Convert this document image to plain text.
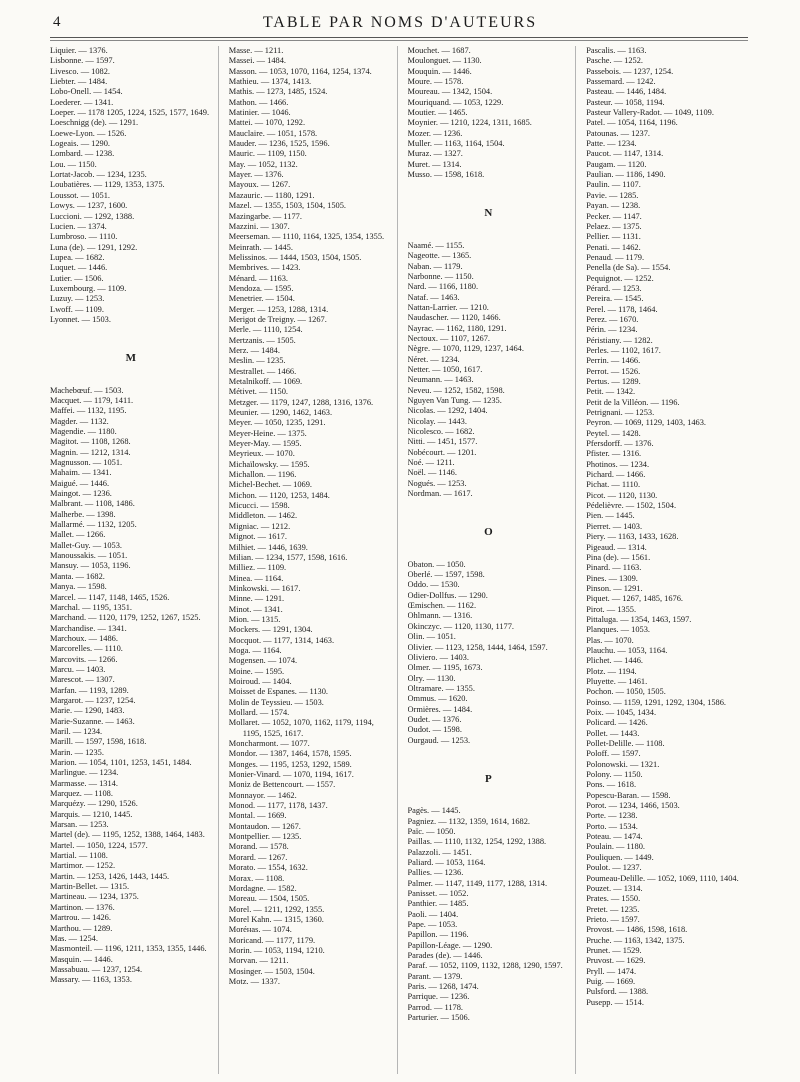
4	TABLE PAR NOMS D'AUTEURS
Liquier. — 1376.
Lisbonne. — 1597.
Livesco. — 1082.
Liebter. — 1484.
Lobo-Onell. — 1454.
Loederer. — 1341.
Loeper. — 1178 1205, 1224, 1525, 1577, 1649.
Loeschnigg (de). — 1291.
Loewe-Lyon. — 1526.
Logeais. — 1290.
Lombard. — 1238.
Lou. — 1150.
Lortat-Jacob. — 1234, 1235.
Loubatières. — 1129, 1353, 1375.
Loussot. — 1051.
Lowys. — 1237, 1600.
Luccioni. — 1292, 1388.
Lucien. — 1374.
Lumbroso. — 1110.
Luna (de). — 1291, 1292.
Lupea. — 1682.
Luquet. — 1446.
Lutier. — 1506.
Luxembourg. — 1109.
Luzuy. — 1253.
Lwoff. — 1109.
Lyonnet. — 1503.
M
Machebœuf. — 1503.
Macquet. — 1179, 1411.
Maffei. — 1132, 1195.
Magder. — 1132.
Magendie. — 1180.
Magitot. — 1108, 1268.
Magnin. — 1212, 1314.
Magnusson. — 1051.
Mahaim. — 1341.
Maigué. — 1446.
Maingot. — 1236.
Malbrant. — 1108, 1486.
Malherbe. — 1398.
Mallarmé. — 1132, 1205.
Mallet. — 1266.
Mallet-Guy. — 1053.
Manoussakis. — 1051.
Mansuy. — 1053, 1196.
Manta. — 1682.
Manya. — 1598.
Marcel. — 1147, 1148, 1465, 1526.
Marchal. — 1195, 1351.
Marchand. — 1120, 1179, 1252, 1267, 1525.
Marchandise. — 1341.
Marchoux. — 1486.
Marcorelles. — 1110.
Marcovits. — 1266.
Marcu. — 1403.
Marescot. — 1307.
Marfan. — 1193, 1289.
Margarot. — 1237, 1254.
Marie. — 1290, 1483.
Marie-Suzanne. — 1463.
Maril. — 1234.
Marill. — 1597, 1598, 1618.
Marin. — 1235.
Marion. — 1054, 1101, 1253, 1451, 1484.
Marlingue. — 1234.
Marmasse. — 1314.
Marquez. — 1108.
Marquézy. — 1290, 1526.
Marquis. — 1210, 1445.
Marsan. — 1253.
Martel (de). — 1195, 1252, 1388, 1464, 1483.
Martel. — 1050, 1224, 1577.
Martial. — 1108.
Martimor. — 1252.
Martin. — 1253, 1426, 1443, 1445.
Martin-Bellet. — 1315.
Martineau. — 1234, 1375.
Martinon. — 1376.
Martrou. — 1426.
Marthou. — 1289.
Mas. — 1254.
Masmonteil. — 1196, 1211, 1353, 1355, 1446.
Masquin. — 1446.
Massabuau. — 1237, 1254.
Massary. — 1163, 1353.
Masse. — 1211.
Massei. — 1484.
Masson. — 1053, 1070, 1164, 1254, 1374.
Mathieu. — 1374, 1413.
Mathis. — 1273, 1485, 1524.
Mathon. — 1466.
Matinier. — 1046.
Mattei. — 1070, 1292.
Mauclaire. — 1051, 1578.
Mauder. — 1236, 1525, 1596.
Mauric. — 1109, 1150.
May. — 1052, 1132.
Mayer. — 1376.
Mayoux. — 1267.
Mazauric. — 1180, 1291.
Mazel. — 1355, 1503, 1504, 1505.
Mazingarbe. — 1177.
Mazzini. — 1307.
Meerseman. — 1110, 1164, 1325, 1354, 1355.
Meinrath. — 1445.
Melissinos. — 1444, 1503, 1504, 1505.
Membrives. — 1423.
Ménard. — 1163.
Mendoza. — 1595.
Menetrier. — 1504.
Merger. — 1253, 1288, 1314.
Merigot de Treigny. — 1267.
Merle. — 1110, 1254.
Mertzanis. — 1505.
Merz. — 1484.
Meslin. — 1235.
Mestrallet. — 1466.
Metalnikoff. — 1069.
Métivet. — 1150.
Metzger. — 1179, 1247, 1288, 1316, 1376.
Meunier. — 1290, 1462, 1463.
Meyer. — 1050, 1235, 1291.
Meyer-Heine. — 1375.
Meyer-May. — 1595.
Meyrieux. — 1070.
Michaïlowsky. — 1595.
Michallon. — 1196.
Michel-Bechet. — 1069.
Michon. — 1120, 1253, 1484.
Micucci. — 1598.
Middleton. — 1462.
Migniac. — 1212.
Mignot. — 1617.
Milhiet. — 1446, 1639.
Milian. — 1234, 1577, 1598, 1616.
Milliez. — 1109.
Minea. — 1164.
Minkowski. — 1617.
Minne. — 1291.
Minot. — 1341.
Mion. — 1315.
Mockers. — 1291, 1304.
Mocquot. — 1177, 1314, 1463.
Moga. — 1164.
Mogensen. — 1074.
Moine. — 1595.
Moiroud. — 1404.
Moisset de Espanes. — 1130.
Molin de Teyssieu. — 1503.
Mollard. — 1574.
Mollaret. — 1052, 1070, 1162, 1179, 1194, 1195, 1525, 1617.
Moncharmont. — 1077.
Mondor. — 1387, 1464, 1578, 1595.
Monges. — 1195, 1253, 1292, 1589.
Monier-Vinard. — 1070, 1194, 1617.
Moniz de Bettencourt. — 1557.
Monnayor. — 1462.
Monod. — 1177, 1178, 1437.
Montal. — 1669.
Montaudon. — 1267.
Montpellier. — 1235.
Morand. — 1578.
Morard. — 1267.
Morato. — 1554, 1632.
Morax. — 1108.
Mordagne. — 1582.
Moreau. — 1504, 1505.
Morel. — 1211, 1292, 1355.
Morel Kahn. — 1315, 1360.
Moréнas. — 1074.
Moricand. — 1177, 1179.
Morin. — 1053, 1194, 1210.
Morvan. — 1211.
Mosinger. — 1503, 1504.
Motz. — 1337.
Mouchet. — 1687.
Moulonguet. — 1130.
Mouquin. — 1446.
Moure. — 1578.
Moureau. — 1342, 1504.
Mouriquand. — 1053, 1229.
Moutier. — 1465.
Moynier. — 1210, 1224, 1311, 1685.
Mozer. — 1236.
Muller. — 1163, 1164, 1504.
Muraz. — 1327.
Muret. — 1314.
Musso. — 1598, 1618.
N
Naamé. — 1155.
Nageotte. — 1365.
Naban. — 1179.
Narbonne. — 1150.
Nard. — 1166, 1180.
Nataf. — 1463.
Nattan-Larrier. — 1210.
Naudascher. — 1120, 1466.
Nayrac. — 1162, 1180, 1291.
Nectoux. — 1107, 1267.
Nègre. — 1070, 1129, 1237, 1464.
Néret. — 1234.
Netter. — 1050, 1617.
Neumann. — 1463.
Neveu. — 1252, 1582, 1598.
Nguyen Van Tung. — 1235.
Nicolas. — 1292, 1404.
Nicolay. — 1443.
Nicolesco. — 1682.
Nitti. — 1451, 1577.
Nobécourt. — 1201.
Noé. — 1211.
Noël. — 1146.
Nogués. — 1253.
Nordman. — 1617.
O
Obaton. — 1050.
Oberlé. — 1597, 1598.
Oddo. — 1530.
Odier-Dollfus. — 1290.
Œmischen. — 1162.
Ohlmann. — 1316.
Okinczyc. — 1120, 1130, 1177.
Olin. — 1051.
Olivier. — 1123, 1258, 1444, 1464, 1597.
Oliviero. — 1403.
Olmer. — 1195, 1673.
Olry. — 1130.
Oltramare. — 1355.
Ommus. — 1620.
Ormières. — 1484.
Oudet. — 1376.
Oudot. — 1598.
Ourgaud. — 1253.
P
Pagès. — 1445.
Pagniez. — 1132, 1359, 1614, 1682.
Païc. — 1050.
Paillas. — 1110, 1132, 1254, 1292, 1388.
Palazzoli. — 1451.
Paliard. — 1053, 1164.
Pallies. — 1236.
Palmer. — 1147, 1149, 1177, 1288, 1314.
Panisset. — 1052.
Panthier. — 1485.
Paoli. — 1404.
Pape. — 1053.
Papillon. — 1196.
Papillon-Léage. — 1290.
Parades (de). — 1446.
Paraf. — 1052, 1109, 1132, 1288, 1290, 1597.
Parant. — 1379.
Paris. — 1268, 1474.
Parrique. — 1236.
Parrod. — 1178.
Parturier. — 1506.
Pascalis. — 1163.
Pasche. — 1252.
Passebois. — 1237, 1254.
Passemard. — 1242.
Pasteau. — 1446, 1484.
Pasteur. — 1058, 1194.
Pasteur Vallery-Radot. — 1049, 1109.
Patel. — 1054, 1164, 1196.
Patounas. — 1237.
Patte. — 1234.
Paucot. — 1147, 1314.
Paugam. — 1120.
Paulian. — 1186, 1490.
Paulin. — 1107.
Pavie. — 1285.
Payan. — 1238.
Pecker. — 1147.
Pelaez. — 1375.
Pellier. — 1131.
Penati. — 1462.
Penaud. — 1179.
Penella (de Sa). — 1554.
Pequignot. — 1252.
Pérard. — 1253.
Pereira. — 1545.
Perel. — 1178, 1464.
Perez. — 1670.
Périn. — 1234.
Péristiany. — 1282.
Perles. — 1102, 1617.
Perrin. — 1466.
Perrot. — 1526.
Pertus. — 1289.
Petit. — 1342.
Petit de la Villéon. — 1196.
Petrignani. — 1253.
Peyron. — 1069, 1129, 1403, 1463.
Peytel. — 1428.
Pfersdorff. — 1376.
Pfister. — 1316.
Photinos. — 1234.
Pichard. — 1466.
Pichat. — 1110.
Picot. — 1120, 1130.
Pédelièvre. — 1502, 1504.
Pien. — 1445.
Pierret. — 1403.
Piery. — 1163, 1433, 1628.
Pigeaud. — 1314.
Pina (de). — 1561.
Pinard. — 1163.
Pines. — 1309.
Pinson. — 1291.
Piquet. — 1267, 1485, 1676.
Pirot. — 1355.
Pittaluga. — 1354, 1463, 1597.
Planques. — 1053.
Plas. — 1070.
Plauchu. — 1053, 1164.
Plichet. — 1446.
Plotz. — 1194.
Pluyette. — 1461.
Pochon. — 1050, 1505.
Poinso. — 1159, 1291, 1292, 1304, 1586.
Poix. — 1045, 1434.
Policard. — 1426.
Pollet. — 1443.
Pollet-Delille. — 1108.
Poloff. — 1597.
Polonowski. — 1321.
Polony. — 1150.
Pons. — 1618.
Popescu-Baran. — 1598.
Porot. — 1234, 1466, 1503.
Porte. — 1238.
Porto. — 1534.
Poteau. — 1474.
Poulain. — 1180.
Pouliquen. — 1449.
Poulot. — 1237.
Poumeau-Delille. — 1052, 1069, 1110, 1404.
Pouzet. — 1314.
Prates. — 1550.
Pretet. — 1235.
Prieto. — 1597.
Provost. — 1486, 1598, 1618.
Pruche. — 1163, 1342, 1375.
Prunet. — 1529.
Pruvost. — 1629.
Pryll. — 1474.
Puig. — 1669.
Pulsford. — 1388.
Pusepp. — 1514.
